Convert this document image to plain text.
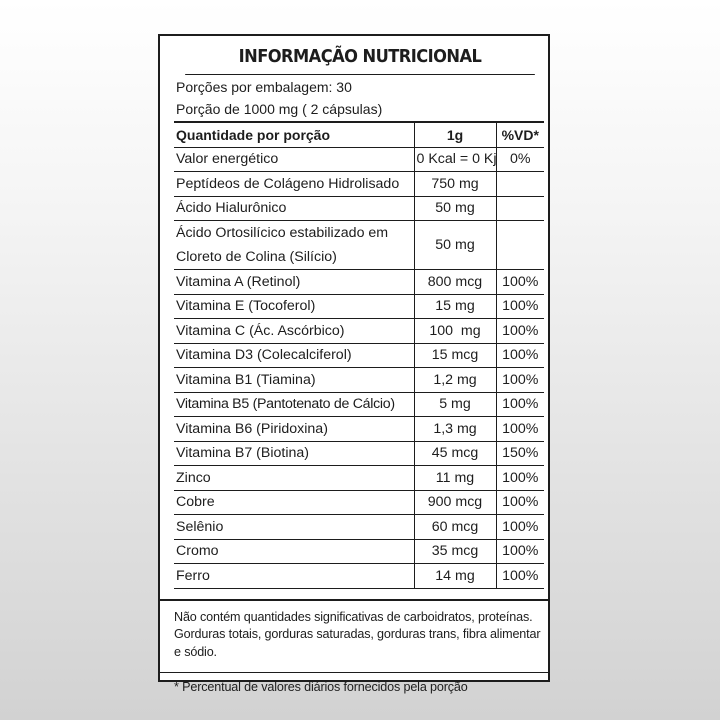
INFORMAÇÃO NUTRICIONAL
Porções por embalagem: 30
Porção de 1000 mg ( 2 cápsulas)
Quantidade por porção	1g	%VD*
Valor energético	0 Kcal = 0 Kj	0%
Peptídeos de Colágeno Hidrolisado	750 mg	
Ácido Hialurônico	50 mg	
Ácido Ortosilícico estabilizado em Cloreto de Colina (Silício)	50 mg	
Vitamina A (Retinol)	800 mcg	100%
Vitamina E (Tocoferol)	15 mg	100%
Vitamina C (Ác. Ascórbico)	100  mg	100%
Vitamina D3 (Colecalciferol)	15 mcg	100%
Vitamina B1 (Tiamina)	1,2 mg	100%
Vitamina B5 (Pantotenato de Cálcio)	5 mg	100%
Vitamina B6 (Piridoxina)	1,3 mg	100%
Vitamina B7 (Biotina)	45 mcg	150%
Zinco	11 mg	100%
Cobre	900 mcg	100%
Selênio	60 mcg	100%
Cromo	35 mcg	100%
Ferro	14 mg	100%
Não contém quantidades significativas de carboidratos, proteínas. Gorduras totais, gorduras saturadas, gorduras trans, fibra alimentar e sódio.
* Percentual de valores diários fornecidos pela porção
